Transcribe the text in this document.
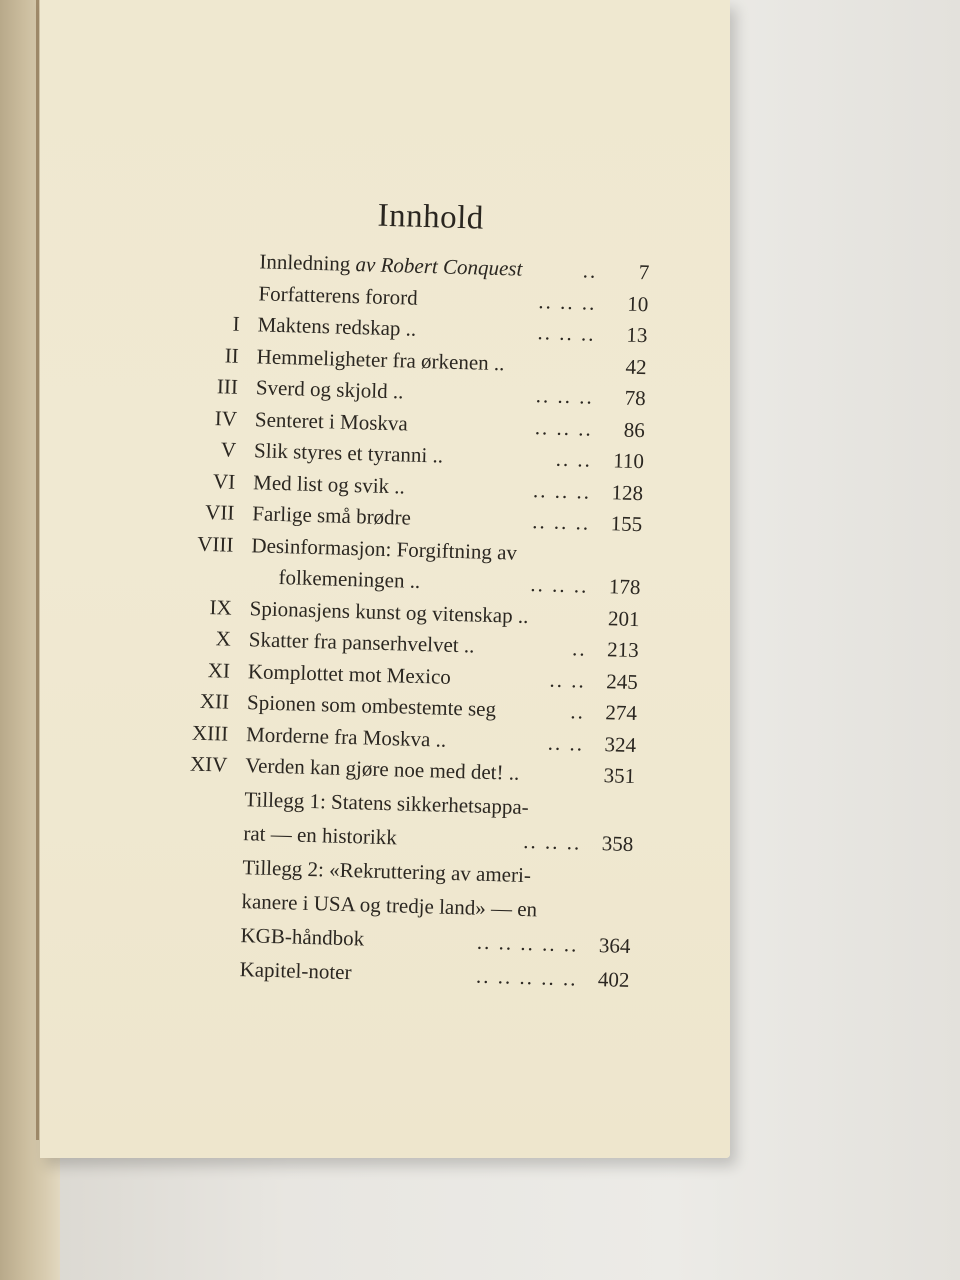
Innhold
Innledning av Robert Conquest	.. 7
Forfatterens forord	.. .. .. 10
I Maktens redskap ..	.. .. .. 13
II Hemmeligheter fra ørkenen ..	42
III Sverd og skjold ..	.. .. .. 78
IV Senteret i Moskva	.. .. .. 86
V Slik styres et tyranni ..	.. .. 110
VI Med list og svik ..	.. .. .. 128
VII Farlige små brødre	.. .. .. 155
VIII Desinformasjon: Forgiftning av
folkemeningen ..	.. .. .. 178
IX Spionasjens kunst og vitenskap ..	201
X Skatter fra panserhvelvet ..	.. 213
XI Komplottet mot Mexico	.. .. 245
XII Spionen som ombestemte seg	.. 274
XIII Morderne fra Moskva ..	.. .. 324
XIV Verden kan gjøre noe med det! ..	351
Tillegg 1: Statens sikkerhetsappa-
rat — en historikk	.. .. .. 358
Tillegg 2: «Rekruttering av ameri-
kanere i USA og tredje land» — en
KGB-håndbok	.. .. .. .. .. 364
Kapitel-noter	.. .. .. .. .. 402
